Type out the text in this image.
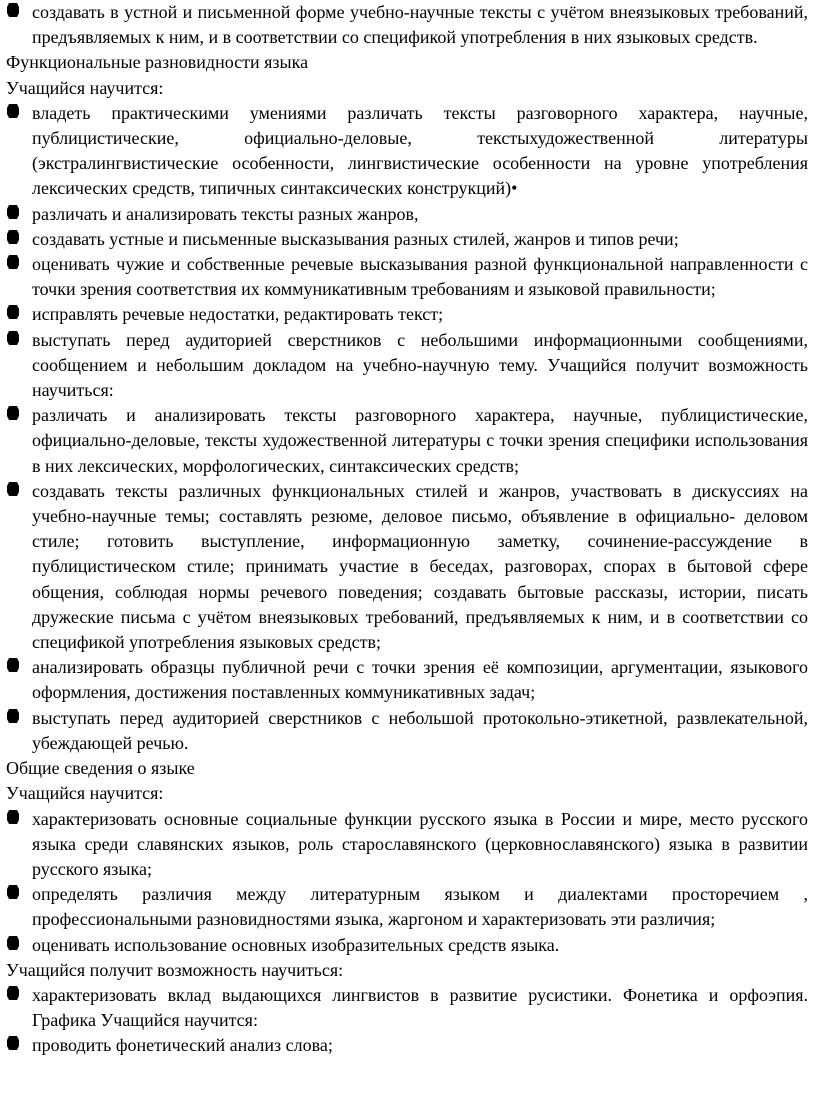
создавать в устной и письменной форме учебно-научные тексты с учётом внеязыковых требований, предъявляемых к ним, и в соответствии со спецификой употребления в них языковых средств.
Функциональные разновидности языка
Учащийся научится:
владеть практическими умениями различать тексты разговорного характера, научные, публицистические, официально-деловые, текстыхудожественной литературы (экстралингвистические особенности, лингвистические особенности на уровне употребления лексических средств, типичных синтаксических конструкций)•
различать и анализировать тексты разных жанров,
создавать устные и письменные высказывания разных стилей, жанров и типов речи;
оценивать чужие и собственные речевые высказывания разной функциональной направленности с точки зрения соответствия их коммуникативным требованиям и языковой правильности;
исправлять речевые недостатки, редактировать текст;
выступать перед аудиторией сверстников с небольшими информационными сообщениями, сообщением и небольшим докладом на учебно-научную тему. Учащийся получит возможность научиться:
различать и анализировать тексты разговорного характера, научные, публицистические, официально-деловые, тексты художественной литературы с точки зрения специфики использования в них лексических, морфологических, синтаксических средств;
создавать тексты различных функциональных стилей и жанров, участвовать в дискуссиях на учебно-научные темы; составлять резюме, деловое письмо, объявление в официально- деловом стиле; готовить выступление, информационную заметку, сочинение-рассуждение в публицистическом стиле; принимать участие в беседах, разговорах, спорах в бытовой сфере общения, соблюдая нормы речевого поведения; создавать бытовые рассказы, истории, писать дружеские письма с учётом внеязыковых требований, предъявляемых к ним, и в соответствии со спецификой употребления языковых средств;
анализировать образцы публичной речи с точки зрения её композиции, аргументации, языкового оформления, достижения поставленных коммуникативных задач;
выступать перед аудиторией сверстников с небольшой протокольно-этикетной, развлекательной, убеждающей речью.
Общие сведения о языке
Учащийся научится:
характеризовать основные социальные функции русского языка в России и мире, место русского языка среди славянских языков, роль старославянского (церковнославянского) языка в развитии русского языка;
определять различия между литературным языком и диалектами просторечием , профессиональными разновидностями языка, жаргоном и характеризовать эти различия;
оценивать использование основных изобразительных средств языка.
Учащийся получит возможность научиться:
характеризовать вклад выдающихся лингвистов в развитие русистики. Фонетика и орфоэпия. Графика Учащийся научится:
проводить фонетический анализ слова;
